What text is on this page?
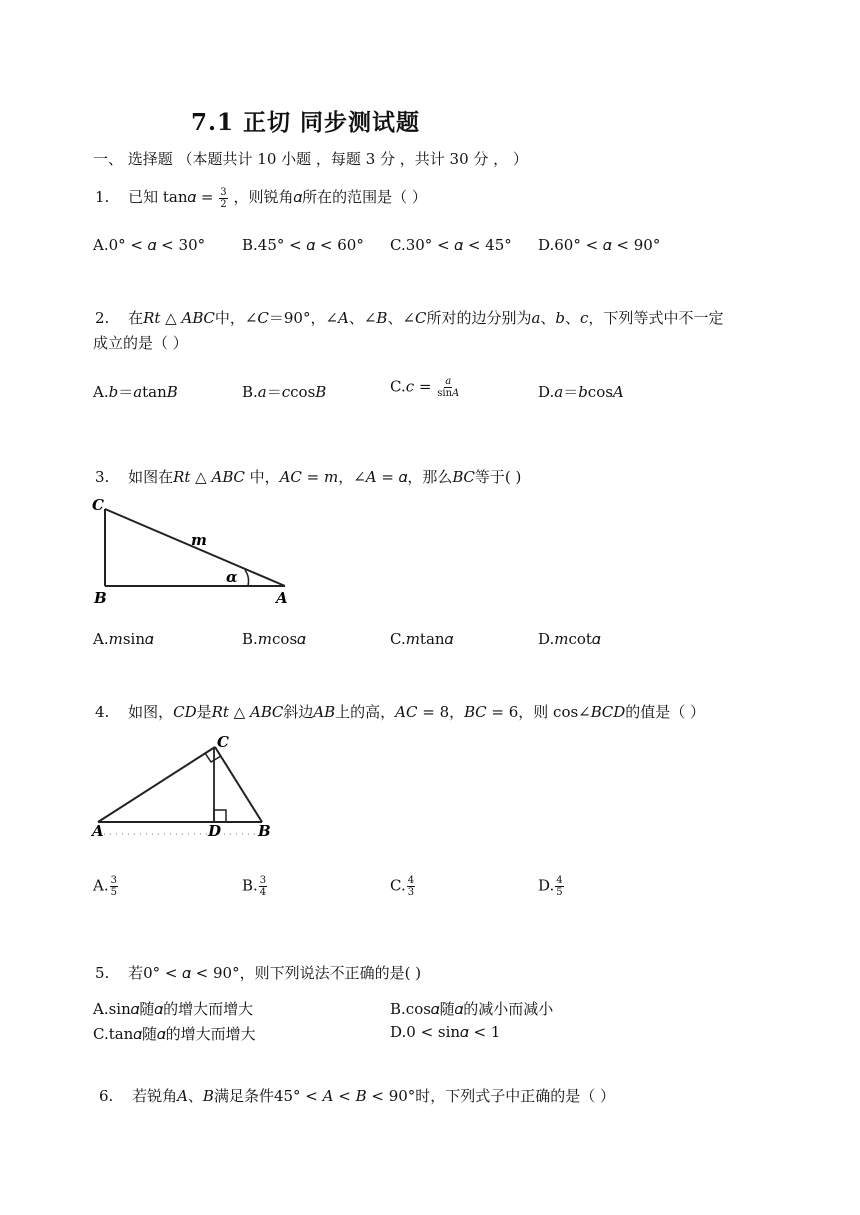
7.1 正切 同步测试题
一、 选择题 （本题共计 10 小题 ，每题 3 分 ，共计 30 分 ， ）
1. 已知 tan𝛼 = $\frac{3}{2}$ ，则锐角𝛼所在的范围是（ ）
A.0° < 𝛼 < 30° B.45° < 𝛼 < 60° C.30° < 𝛼 < 45° D.60° < 𝛼 < 90°
2. 在𝑅𝑡 △ 𝐴𝐵𝐶中，∠𝐶＝90°，∠𝐴、∠𝐵、∠𝐶所对的边分别为𝑎、𝑏、𝑐，下列等式中不一定
成立的是（ ）
A.𝑏＝𝑎tan𝐵	B.𝑎＝𝑐cos𝐵	C.𝑐 = $\frac{\text{𝑎}}{\text{sin𝐴}}$	D.𝑎＝𝑏cos𝐴
3. 如图在𝑅𝑡 △ 𝐴𝐵𝐶 中，𝐴𝐶 = 𝑚，∠𝐴 = 𝛼，那么𝐵𝐶等于( )
C
B	A
m
α
A.𝑚sin𝛼	B.𝑚cos𝛼	C.𝑚tan𝛼	D.𝑚cot𝛼
4. 如图，𝐶𝐷是𝑅𝑡 △ 𝐴𝐵𝐶斜边𝐴𝐵上的高，𝐴𝐶 = 8，𝐵𝐶 = 6，则 cos∠𝐵𝐶𝐷的值是（ ）
C
A	D B
A. $\frac{3}{5}$	B. $\frac{3}{4}$	C. $\frac{4}{3}$	D. $\frac{4}{5}$
5. 若0° < 𝛼 < 90°，则下列说法不正确的是( )
A.sin𝛼随𝛼的增大而增大	B.cos𝛼随𝛼的减小而减小
C.tan𝛼随𝛼的增大而增大	D.0 < sin𝛼 < 1
6. 若锐角𝐴、𝐵满足条件45° < 𝐴 < 𝐵 < 90°时，下列式子中正确的是（ ）
